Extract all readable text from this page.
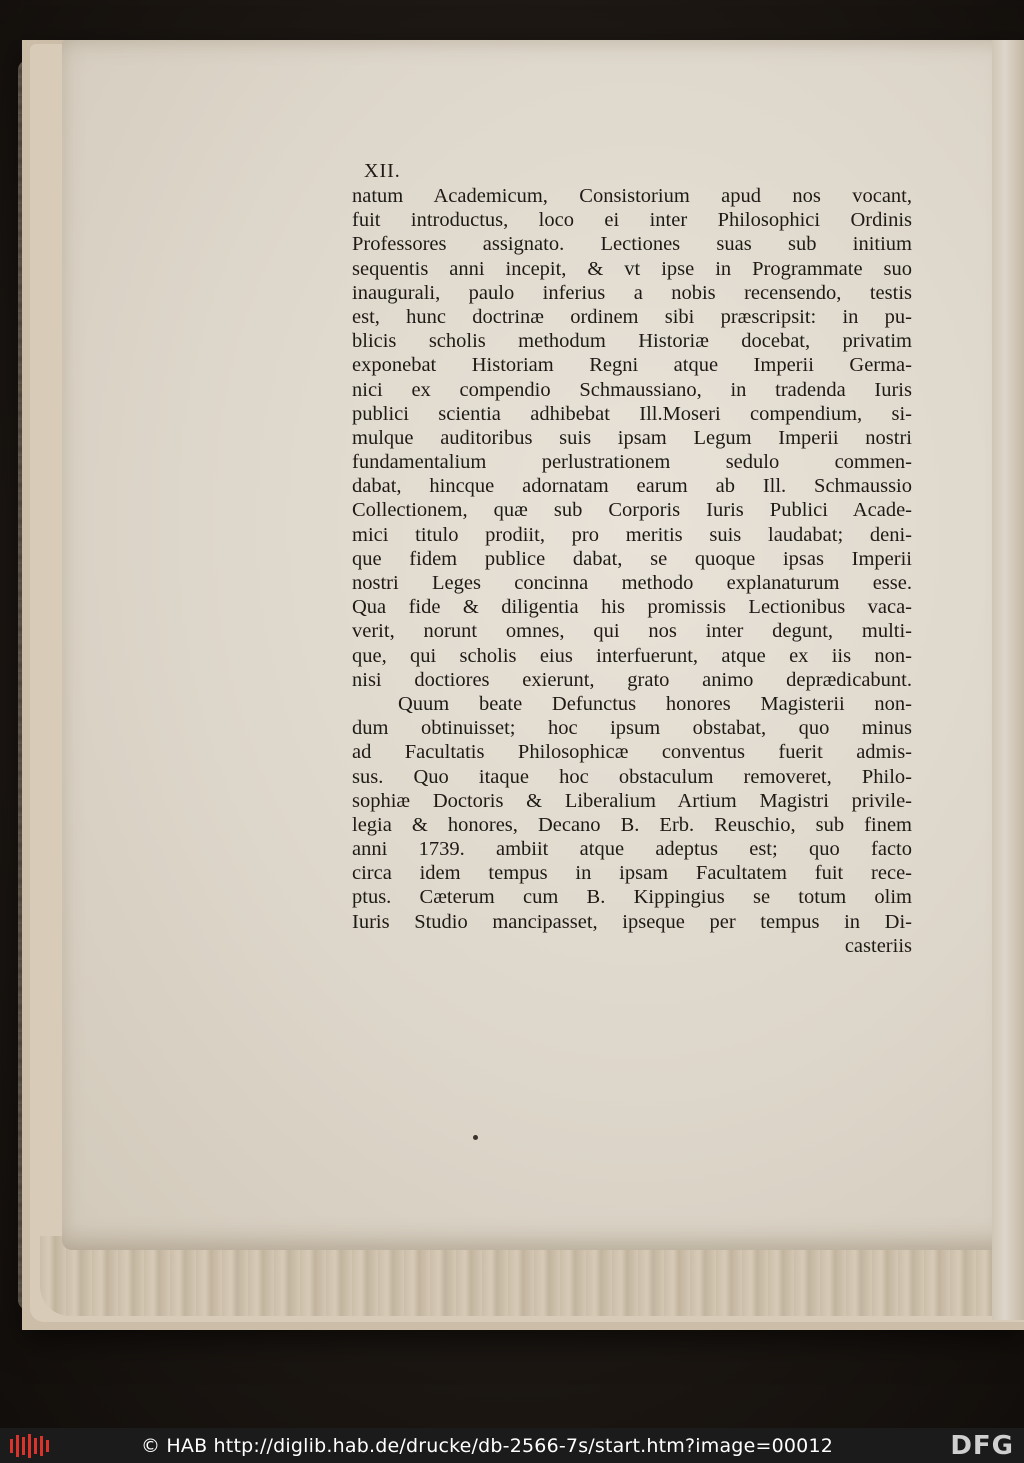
XII.
natum Academicum, Consistorium apud nos vocant,
fuit introductus, loco ei inter Philosophici Ordinis
Professores assignato. Lectiones suas sub initium
sequentis anni incepit, & vt ipse in Programmate suo
inaugurali, paulo inferius a nobis recensendo, testis
est, hunc doctrinæ ordinem sibi præscripsit: in pu-
blicis scholis methodum Historiæ docebat, privatim
exponebat Historiam Regni atque Imperii Germa-
nici ex compendio Schmaussiano, in tradenda Iuris
publici scientia adhibebat Ill.Moseri compendium, si-
mulque auditoribus suis ipsam Legum Imperii nostri
fundamentalium perlustrationem sedulo commen-
dabat, hincque adornatam earum ab Ill. Schmaussio
Collectionem, quæ sub Corporis Iuris Publici Acade-
mici titulo prodiit, pro meritis suis laudabat; deni-
que fidem publice dabat, se quoque ipsas Imperii
nostri Leges concinna methodo explanaturum esse.
Qua fide & diligentia his promissis Lectionibus vaca-
verit, norunt omnes, qui nos inter degunt, multi-
que, qui scholis eius interfuerunt, atque ex iis non-
nisi doctiores exierunt, grato animo deprædicabunt.
Quum beate Defunctus honores Magisterii non-
dum obtinuisset; hoc ipsum obstabat, quo minus
ad Facultatis Philosophicæ conventus fuerit admis-
sus. Quo itaque hoc obstaculum removeret, Philo-
sophiæ Doctoris & Liberalium Artium Magistri privile-
legia & honores, Decano B. Erb. Reuschio, sub finem
anni 1739. ambiit atque adeptus est; quo facto
circa idem tempus in ipsam Facultatem fuit rece-
ptus. Cæterum cum B. Kippingius se totum olim
Iuris Studio mancipasset, ipseque per tempus in Di-
casteriis
© HAB http://diglib.hab.de/drucke/db-2566-7s/start.htm?image=00012	DFG
